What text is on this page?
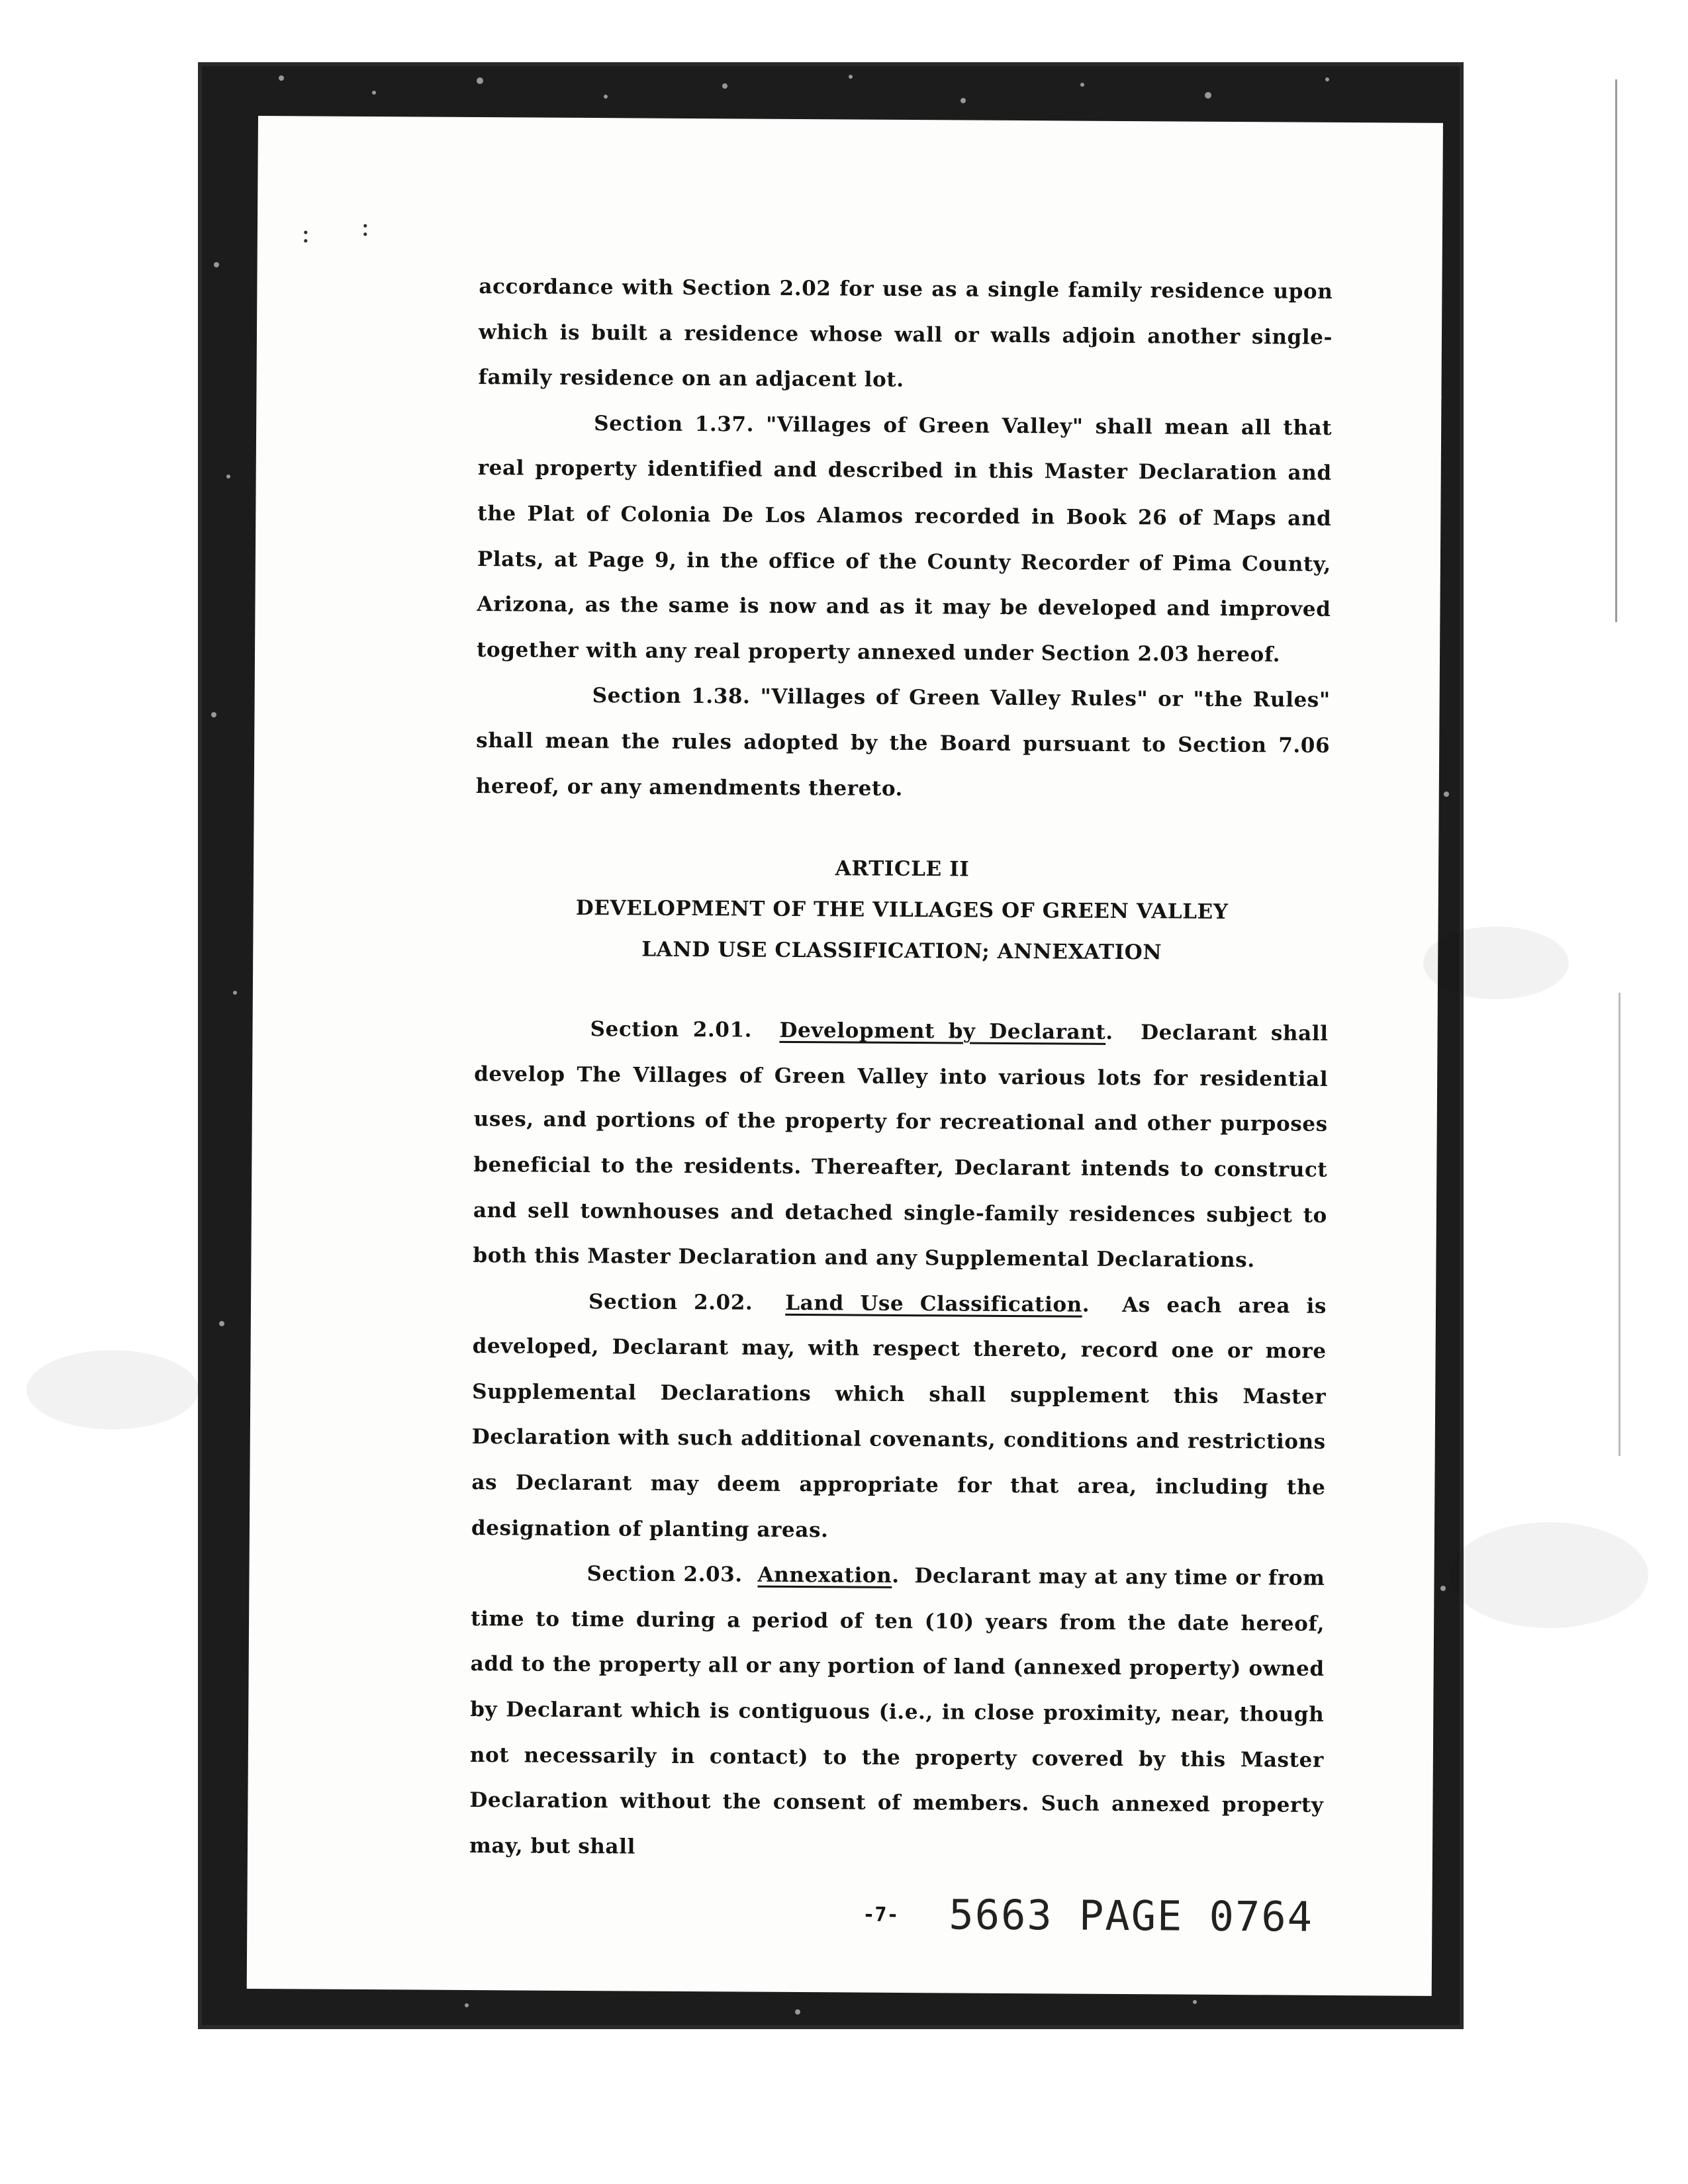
accordance with Section 2.02 for use as a single family residence upon which is built a residence whose wall or walls adjoin another single-family residence on an adjacent lot.

Section 1.37. "Villages of Green Valley" shall mean all that real property identified and described in this Master Declaration and the Plat of Colonia De Los Alamos recorded in Book 26 of Maps and Plats, at Page 9, in the office of the County Recorder of Pima County, Arizona, as the same is now and as it may be developed and improved together with any real property annexed under Section 2.03 hereof.

Section 1.38. "Villages of Green Valley Rules" or "the Rules" shall mean the rules adopted by the Board pursuant to Section 7.06 hereof, or any amendments thereto.

ARTICLE II

DEVELOPMENT OF THE VILLAGES OF GREEN VALLEY

LAND USE CLASSIFICATION; ANNEXATION

Section 2.01. Development by Declarant.  Declarant shall develop The Villages of Green Valley into various lots for residential uses, and portions of the property for recreational and other purposes beneficial to the residents. Thereafter, Declarant intends to construct and sell townhouses and detached single-family residences subject to both this Master Declaration and any Supplemental Declarations.

Section 2.02. Land Use Classification.  As each area is developed, Declarant may, with respect thereto, record one or more Supplemental Declarations which shall supplement this Master Declaration with such additional covenants, conditions and restrictions as Declarant may deem appropriate for that area, including the designation of planting areas.

Section 2.03. Annexation.  Declarant may at any time or from time to time during a period of ten (10) years from the date hereof, add to the property all or any portion of land (annexed property) owned by Declarant which is contiguous (i.e., in close proximity, near, though not necessarily in contact) to the property covered by this Master Declaration without the consent of members. Such annexed property may, but shall

-7- 5663 PAGE 0764
: :
